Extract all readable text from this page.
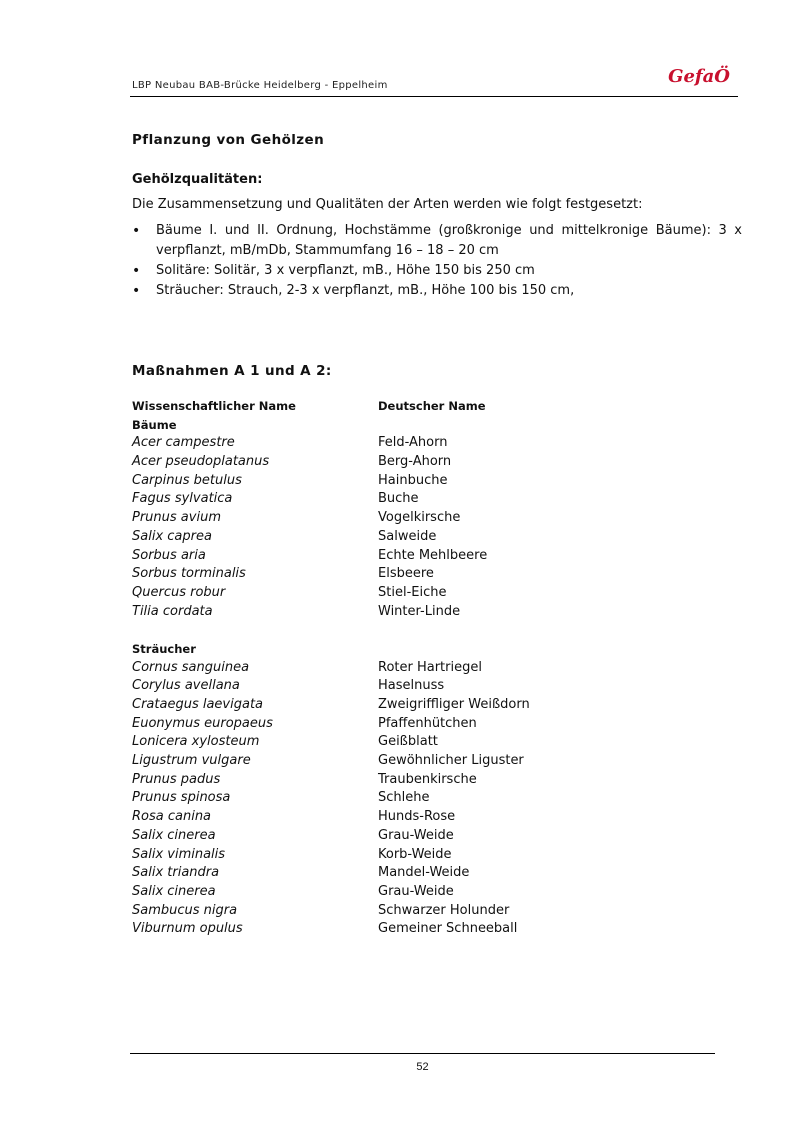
LBP Neubau BAB-Brücke Heidelberg - Eppelheim	GefaÖ
Pflanzung von Gehölzen
Gehölzqualitäten:

Die Zusammensetzung und Qualitäten der Arten werden wie folgt festgesetzt:

• Bäume I. und II. Ordnung, Hochstämme (großkronige und mittelkronige Bäume): 3 x verpflanzt, mB/mDb, Stammumfang 16 – 18 – 20 cm
• Solitäre: Solitär, 3 x verpflanzt, mB., Höhe 150 bis 250 cm
• Sträucher: Strauch, 2-3 x verpflanzt, mB., Höhe 100 bis 150 cm,
Maßnahmen A 1 und A 2:
Wissenschaftlicher Name	Deutscher Name
Bäume
Acer campestre	Feld-Ahorn
Acer pseudoplatanus	Berg-Ahorn
Carpinus betulus	Hainbuche
Fagus sylvatica	Buche
Prunus avium	Vogelkirsche
Salix caprea	Salweide
Sorbus aria	Echte Mehlbeere
Sorbus torminalis	Elsbeere
Quercus robur	Stiel-Eiche
Tilia cordata	Winter-Linde
Sträucher
Cornus sanguinea	Roter Hartriegel
Corylus avellana	Haselnuss
Crataegus laevigata	Zweigriffliger Weißdorn
Euonymus europaeus	Pfaffenhütchen
Lonicera xylosteum	Geißblatt
Ligustrum vulgare	Gewöhnlicher Liguster
Prunus padus	Traubenkirsche
Prunus spinosa	Schlehe
Rosa canina	Hunds-Rose
Salix cinerea	Grau-Weide
Salix viminalis	Korb-Weide
Salix triandra	Mandel-Weide
Salix cinerea	Grau-Weide
Sambucus nigra	Schwarzer Holunder
Viburnum opulus	Gemeiner Schneeball
52
